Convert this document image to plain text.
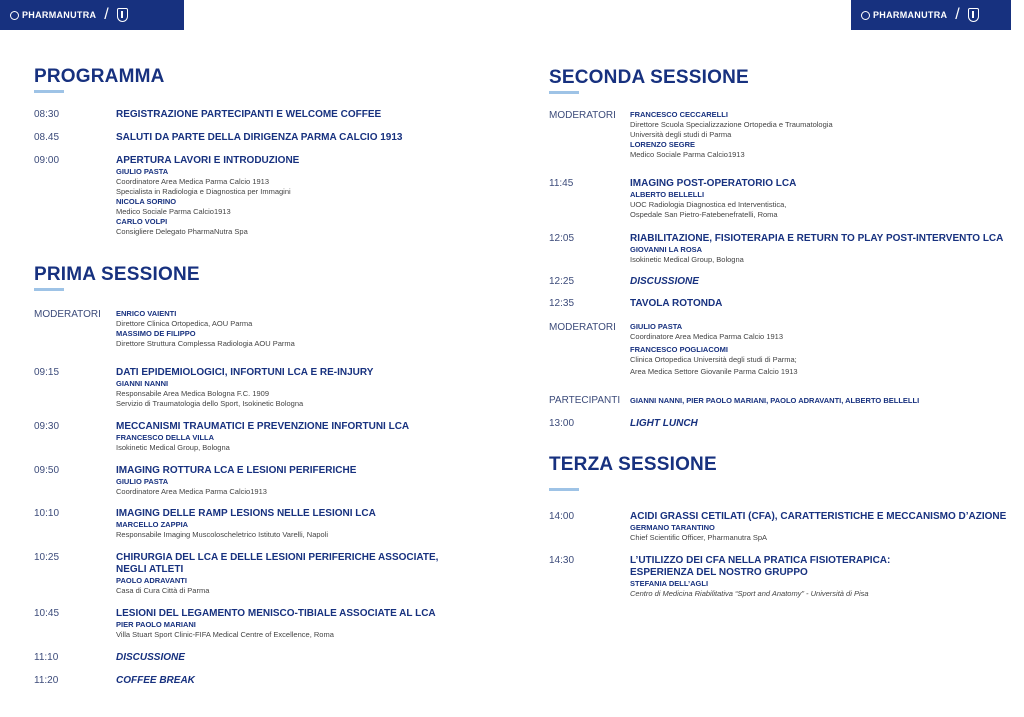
PHARMANUTRA /	PHARMANUTRA /
PROGRAMMA
08:30	REGISTRAZIONE PARTECIPANTI E WELCOME COFFEE
08.45	SALUTI DA PARTE DELLA DIRIGENZA PARMA CALCIO 1913
09:00	APERTURA LAVORI E INTRODUZIONE
GIULIO PASTA
Coordinatore Area Medica Parma Calcio 1913
Specialista in Radiologia e Diagnostica per Immagini
NICOLA SORINO
Medico Sociale Parma Calcio1913
CARLO VOLPI
Consigliere Delegato PharmaNutra Spa
PRIMA SESSIONE
MODERATORI ENRICO VAIENTI
Direttore Clinica Ortopedica, AOU Parma
MASSIMO DE FILIPPO
Direttore Struttura Complessa Radiologia AOU Parma
09:15	DATI EPIDEMIOLOGICI, INFORTUNI LCA E RE-INJURY
GIANNI NANNI
Responsabile Area Medica Bologna F.C. 1909
Servizio di Traumatologia dello Sport, Isokinetic Bologna
09:30	MECCANISMI TRAUMATICI E PREVENZIONE INFORTUNI LCA
FRANCESCO DELLA VILLA
Isokinetic Medical Group, Bologna
09:50	IMAGING ROTTURA LCA E LESIONI PERIFERICHE
GIULIO PASTA
Coordinatore Area Medica Parma Calcio1913
10:10	IMAGING DELLE RAMP LESIONS NELLE LESIONI LCA
MARCELLO ZAPPIA
Responsabile Imaging Muscoloscheletrico Istituto Varelli, Napoli
10:25	CHIRURGIA DEL LCA E DELLE LESIONI PERIFERICHE ASSOCIATE,
NEGLI ATLETI
PAOLO ADRAVANTI
Casa di Cura Città di Parma
10:45	LESIONI DEL LEGAMENTO MENISCO-TIBIALE ASSOCIATE AL LCA
PIER PAOLO MARIANI
Villa Stuart Sport Clinic-FIFA Medical Centre of Excellence, Roma
11:10	DISCUSSIONE
11:20	COFFEE BREAK
SECONDA SESSIONE
MODERATORI FRANCESCO CECCARELLI
Direttore Scuola Specializzazione Ortopedia e Traumatologia
Università degli studi di Parma
LORENZO SEGRE
Medico Sociale Parma Calcio1913
11:45	IMAGING POST-OPERATORIO LCA
ALBERTO BELLELLI
UOC Radiologia Diagnostica ed Interventistica,
Ospedale San Pietro-Fatebenefratelli, Roma
12:05	RIABILITAZIONE, FISIOTERAPIA E RETURN TO PLAY POST-INTERVENTO LCA
GIOVANNI LA ROSA
Isokinetic Medical Group, Bologna
12:25	DISCUSSIONE
12:35	TAVOLA ROTONDA
MODERATORI GIULIO PASTA
Coordinatore Area Medica Parma Calcio 1913
FRANCESCO POGLIACOMI
Clinica Ortopedica Università degli studi di Parma;
Area Medica Settore Giovanile Parma Calcio 1913
PARTECIPANTI GIANNI NANNI, PIER PAOLO MARIANI, PAOLO ADRAVANTI, ALBERTO BELLELLI
13:00	LIGHT LUNCH
TERZA SESSIONE
14:00	ACIDI GRASSI CETILATI (CFA), CARATTERISTICHE E MECCANISMO D’AZIONE
GERMANO TARANTINO
Chief Scientific Officer, Pharmanutra SpA
14:30	L’UTILIZZO DEI CFA NELLA PRATICA FISIOTERAPICA:
ESPERIENZA DEL NOSTRO GRUPPO
STEFANIA DELL’AGLI
Centro di Medicina Riabilitativa “Sport and Anatomy” - Università di Pisa
